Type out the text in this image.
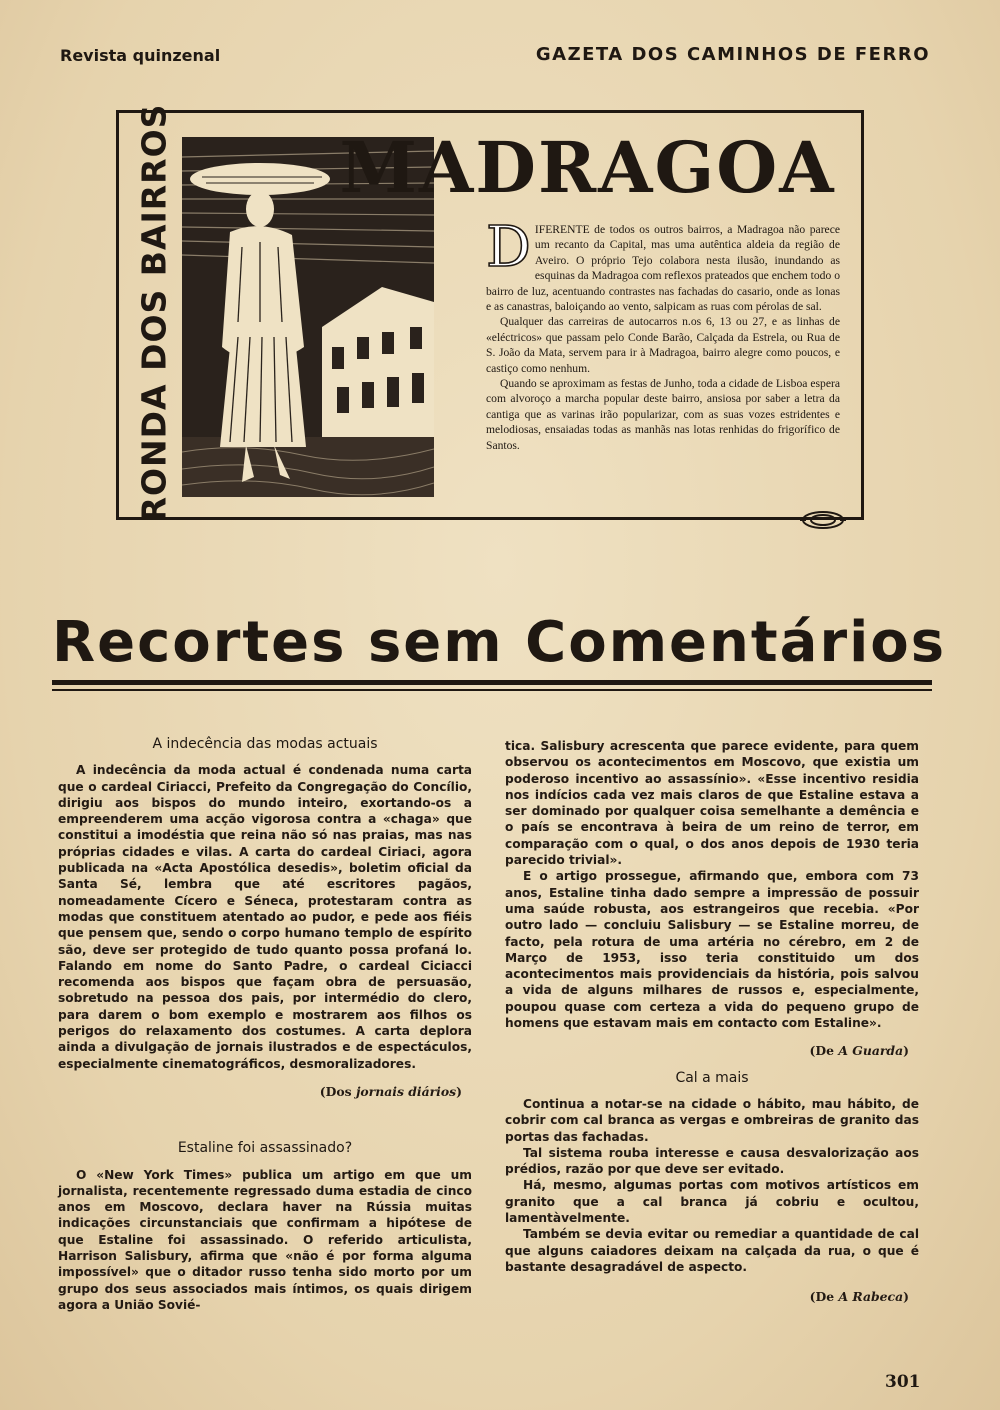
Revista quinzenal	GAZETA DOS CAMINHOS DE FERRO
RONDA DOS BAIRROS MADRAGOA

DIFERENTE de todos os outros bairros, a Madragoa não parece um recanto da Capital, mas uma autêntica aldeia da região de Aveiro. O próprio Tejo colabora nesta ilusão, inundando as esquinas da Madragoa com reflexos prateados que enchem todo o bairro de luz, acentuando contrastes nas fachadas do casario, onde as lonas e as canastras, baloiçando ao vento, salpicam as ruas com pérolas de sal.

Qualquer das carreiras de autocarros n.os 6, 13 ou 27, e as linhas de «eléctricos» que passam pelo Conde Barão, Calçada da Estrela, ou Rua de S. João da Mata, servem para ir à Madragoa, bairro alegre como poucos, e castiço como nenhum.

Quando se aproximam as festas de Junho, toda a cidade de Lisboa espera com alvoroço a marcha popular deste bairro, ansiosa por saber a letra da cantiga que as varinas irão popularizar, com as suas vozes estridentes e melodiosas, ensaiadas todas as manhãs nas lotas renhidas do frigorífico de Santos.

Recortes sem Comentários
A indecência das modas actuais

A indecência da moda actual é condenada numa carta que o cardeal Ciriacci, Prefeito da Congregação do Concílio, dirigiu aos bispos do mundo inteiro, exortando-os a empreenderem uma acção vigorosa contra a «chaga» que constitui a imodéstia que reina não só nas praias, mas nas próprias cidades e vilas. A carta do cardeal Ciriaci, agora publicada na «Acta Apostólica desedis», boletim oficial da Santa Sé, lembra que até escritores pagãos, nomeadamente Cícero e Séneca, protestaram contra as modas que constituem atentado ao pudor, e pede aos fiéis que pensem que, sendo o corpo humano templo de espírito são, deve ser protegido de tudo quanto possa profaná lo. Falando em nome do Santo Padre, o cardeal Ciciacci recomenda aos bispos que façam obra de persuasão, sobretudo na pessoa dos pais, por intermédio do clero, para darem o bom exemplo e mostrarem aos filhos os perigos do relaxamento dos costumes. A carta deplora ainda a divulgação de jornais ilustrados e de espectáculos, especialmente cinematográficos, desmoralizadores.

(Dos jornais diários)
Estaline foi assassinado?

O «New York Times» publica um artigo em que um jornalista, recentemente regressado duma estadia de cinco anos em Moscovo, declara haver na Rússia muitas indicações circunstanciais que confirmam a hipótese de que Estaline foi assassinado. O referido articulista, Harrison Salisbury, afirma que «não é por forma alguma impossível» que o ditador russo tenha sido morto por um grupo dos seus associados mais íntimos, os quais dirigem agora a União Sovié-

tica. Salisbury acrescenta que parece evidente, para quem observou os acontecimentos em Moscovo, que existia um poderoso incentivo ao assassínio». «Esse incentivo residia nos indícios cada vez mais claros de que Estaline estava a ser dominado por qualquer coisa semelhante a demência e o país se encontrava à beira de um reino de terror, em comparação com o qual, o dos anos depois de 1930 teria parecido trivial».

E o artigo prossegue, afirmando que, embora com 73 anos, Estaline tinha dado sempre a impressão de possuir uma saúde robusta, aos estrangeiros que recebia. «Por outro lado — concluiu Salisbury — se Estaline morreu, de facto, pela rotura de uma artéria no cérebro, em 2 de Março de 1953, isso teria constituido um dos acontecimentos mais providenciais da história, pois salvou a vida de alguns milhares de russos e, especialmente, poupou quase com certeza a vida do pequeno grupo de homens que estavam mais em contacto com Estaline».

(De A Guarda)
Cal a mais

Continua a notar-se na cidade o hábito, mau hábito, de cobrir com cal branca as vergas e ombreiras de granito das portas das fachadas.

Tal sistema rouba interesse e causa desvalorização aos prédios, razão por que deve ser evitado.

Há, mesmo, algumas portas com motivos artísticos em granito que a cal branca já cobriu e ocultou, lamentàvelmente.

Também se devia evitar ou remediar a quantidade de cal que alguns caiadores deixam na calçada da rua, o que é bastante desagradável de aspecto.

(De A Rabeca)
301
